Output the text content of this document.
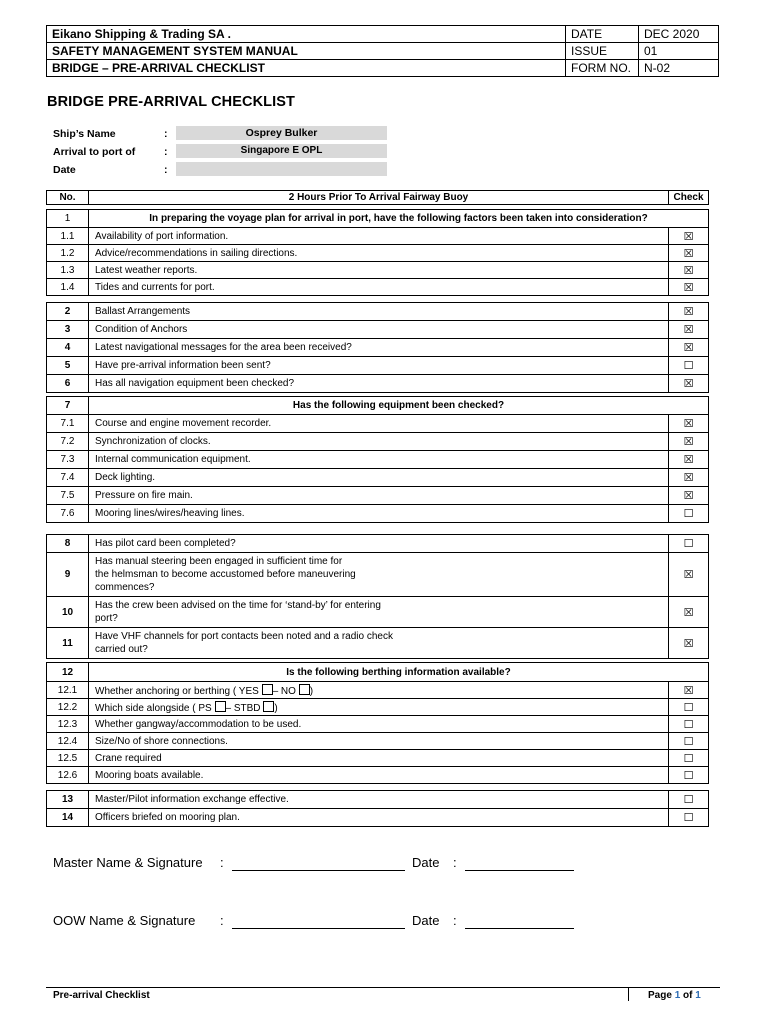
Eikano Shipping & Trading SA .	DATE	DEC 2020
SAFETY MANAGEMENT SYSTEM MANUAL	ISSUE	01
BRIDGE – PRE-ARRIVAL CHECKLIST	FORM NO.	N-02
BRIDGE PRE-ARRIVAL CHECKLIST
Ship’s Name	:	Osprey Bulker
Arrival to port of	:	Singapore E OPL
Date	:
No.	2 Hours Prior To Arrival Fairway Buoy	Check
1	In preparing the voyage plan for arrival in port, have the following factors been taken into consideration?	
1.1	Availability of port information.	☒
1.2	Advice/recommendations in sailing directions.	☒
1.3	Latest weather reports.	☒
1.4	Tides and currents for port.	☒
2	Ballast Arrangements	☒
3	Condition of Anchors	☒
4	Latest navigational messages for the area been received?	☒
5	Have pre-arrival information been sent?	☐
6	Has all navigation equipment been checked?	☒
7	Has the following equipment been checked?	
7.1	Course and engine movement recorder.	☒
7.2	Synchronization of clocks.	☒
7.3	Internal communication equipment.	☒
7.4	Deck lighting.	☒
7.5	Pressure on fire main.	☒
7.6	Mooring lines/wires/heaving lines.	☐
8	Has pilot card been completed?	☐
9	Has manual steering been engaged in sufficient time for
the helmsman to become accustomed before maneuvering
commences?	☒
10	Has the crew been advised on the time for ‘stand-by’ for entering
port?	☒
11	Have VHF channels for port contacts been noted and a radio check
carried out?	☒
12	Is the following berthing information available?	
12.1	Whether anchoring or berthing ( YES – NO )	☒
12.2	Which side alongside ( PS – STBD )	☐
12.3	Whether gangway/accommodation to be used.	☐
12.4	Size/No of shore connections.	☐
12.5	Crane required	☐
12.6	Mooring boats available.	☐
13	Master/Pilot information exchange effective.	☐
14	Officers briefed on mooring plan.	☐
Master Name & Signature :	Date :
OOW Name & Signature :	Date :
Pre-arrival Checklist	Page 1 of 1
